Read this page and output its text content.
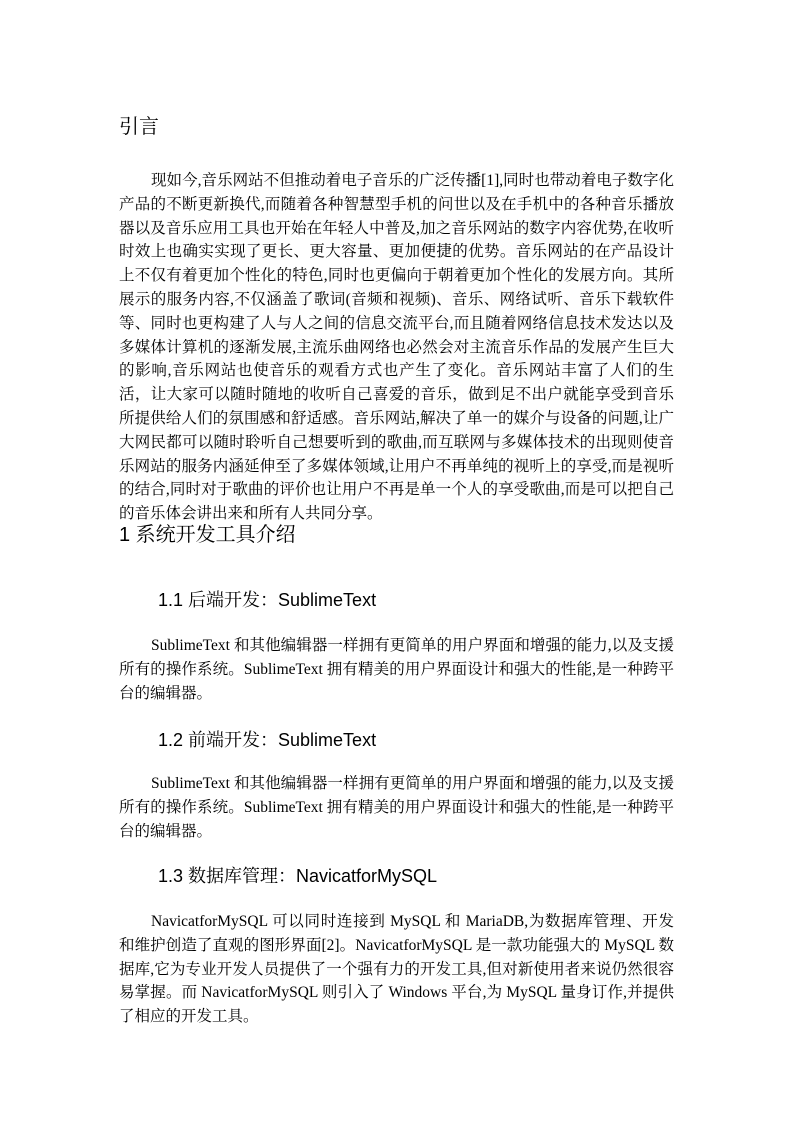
引言

现如今,音乐网站不但推动着电子音乐的广泛传播[1],同时也带动着电子数字化产品的不断更新换代,而随着各种智慧型手机的问世以及在手机中的各种音乐播放器以及音乐应用工具也开始在年轻人中普及,加之音乐网站的数字内容优势,在收听时效上也确实实现了更长、更大容量、更加便捷的优势。音乐网站的在产品设计上不仅有着更加个性化的特色,同时也更偏向于朝着更加个性化的发展方向。其所展示的服务内容,不仅涵盖了歌词(音频和视频)、音乐、网络试听、音乐下载软件等、同时也更构建了人与人之间的信息交流平台,而且随着网络信息技术发达以及多媒体计算机的逐渐发展,主流乐曲网络也必然会对主流音乐作品的发展产生巨大的影响,音乐网站也使音乐的观看方式也产生了变化。音乐网站丰富了人们的生活，让大家可以随时随地的收听自己喜爱的音乐，做到足不出户就能享受到音乐所提供给人们的氛围感和舒适感。音乐网站,解决了单一的媒介与设备的问题,让广大网民都可以随时聆听自己想要听到的歌曲,而互联网与多媒体技术的出现则使音乐网站的服务内涵延伸至了多媒体领域,让用户不再单纯的视听上的享受,而是视听的结合,同时对于歌曲的评价也让用户不再是单一个人的享受歌曲,而是可以把自己的音乐体会讲出来和所有人共同分享。

1 系统开发工具介绍
1.1 后端开发：SublimeText

SublimeText 和其他编辑器一样拥有更简单的用户界面和增强的能力,以及支援所有的操作系统。SublimeText 拥有精美的用户界面设计和强大的性能,是一种跨平台的编辑器。

1.2 前端开发：SublimeText

SublimeText 和其他编辑器一样拥有更简单的用户界面和增强的能力,以及支援所有的操作系统。SublimeText 拥有精美的用户界面设计和强大的性能,是一种跨平台的编辑器。

1.3 数据库管理：NavicatforMySQL

NavicatforMySQL 可以同时连接到 MySQL 和 MariaDB,为数据库管理、开发和维护创造了直观的图形界面[2]。NavicatforMySQL 是一款功能强大的 MySQL 数据库,它为专业开发人员提供了一个强有力的开发工具,但对新使用者来说仍然很容易掌握。而 NavicatforMySQL 则引入了 Windows 平台,为 MySQL 量身订作,并提供了相应的开发工具。
